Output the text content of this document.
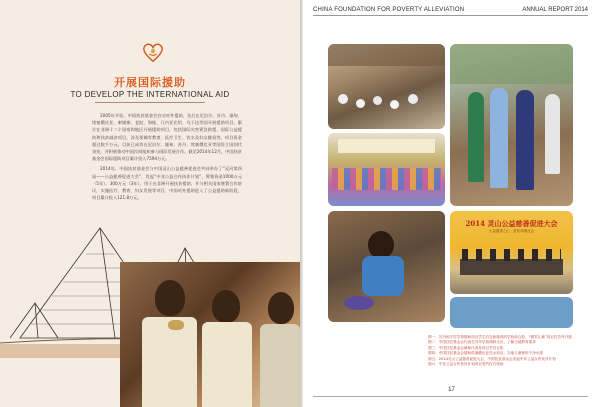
开展国际援助
TO DEVELOP THE INTERNATIONAL AID

2005年开始，中国扶贫基金会启动对外援助，先后在尼泊尔、苏丹、缅甸、埃塞俄比亚、柬埔寨、老挝、海地、几内亚比绍、乌干达等国开展援助项目，累计在非洲十二个国家和地区开展援助项目，包括国际灾害紧急救援、国际公益援助和扶贫减贫项目，涉及领域有教育、医疗卫生、饮水及妇女赋权等，项目资金超过数千万元。目前已成功在尼泊尔、缅甸、苏丹、埃塞俄比亚等国设立国别代表处，并积极推动中国民间组织参与国际发展合作。截至2014年12月，中国扶贫基金会国际援助项目累计投入7594万元。

2014年，中国扶贫基金会与中国灵山公益慈善促进会共同举办了“灵河第四届——公益慈善促进大会”，发起“中非公益合作伙伴计划”，筹集资金1000万元（5年）、300万元（3年），用于在非洲开展扶贫援助，并与相关国家签署合作协议，实施医疗、教育、妇女发展等项目，中国对外援助进入了公益援助新阶段，项目累计投入121.8万元。

CHINA FOUNDATION FOR POVERTY ALLEVIATION	ANNUAL REPORT 2014
2014 灵山公益慈善促进大会
公益慈善之心 · 爱佑和谐社会
图一：苏丹和平村学校援助项目学生们在新落成的学校前合影，“微笑儿童”项目在苏丹开展
图二：中国扶贫基金会代表在苏丹学校调研走访，了解当地教育需求
图三：中国扶贫基金会缅甸代表处项目学员合影
图四：中国扶贫基金会援助埃塞俄比亚饮水项目，当地儿童使用干净水源
图五：2014灵山公益慈善促进大会，中国扶贫基金会发起中非公益合作伙伴计划
图六：中非公益合作伙伴计划项目签约仪式现场
17
